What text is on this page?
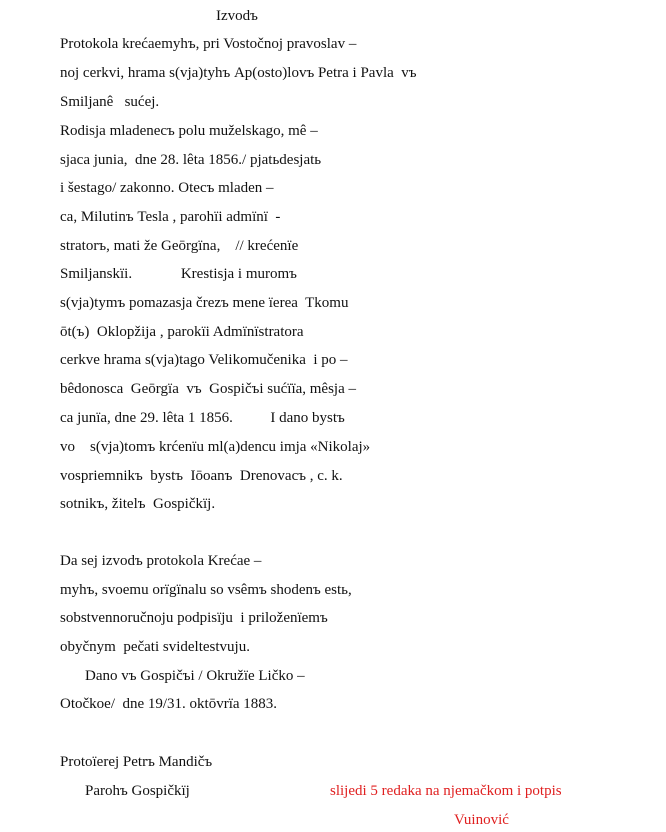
Izvodъ
Protokola krećaemyhъ, pri Vostočnoj pravoslav –
noj cerkvi, hrama s(vja)tyhъ Ap(osto)lovъ Petra i Pavla  vъ
Smiljanê   sućej.
Rodisja mladenecъ polu muželskago, mê –
sjaca junia,  dne 28. lêta 1856./ pjatьdesjatь
i šestago/ zakonno. Otecъ mladen –
ca, Milutinъ Tesla , parohїi admїnї  -
stratorъ, mati že Geōrgїna,    // krećenїe
Smiljanskїi.             Krestisja i muromъ
s(vja)tymъ pomazasja črezъ mene ïerea  Tkomu
ōt(ъ)  Oklopžija , parokїi Admїnїstratora
cerkve hrama s(vja)tago Velikomučenika  i po –
bêdonosca  Geōrgїa  vъ  Gospičъi sućїїa, mêsja –
ca junїa, dne 29. lêta 1 1856.          I dano bystъ
vo    s(vja)tomъ krćenїu ml(a)dencu imja «Nikolaj»
vospriemnikъ  bystъ  Iōoanъ  Drenovacъ , c. k.
sotnikъ, žitelъ  Gospičkїj.
Da sej izvodъ protokola Krećae –
myhъ, svoemu orїgїnalu so vsêmъ shodenъ estь,
sobstvennoručnoju podpisїju  i priloženїemъ
obyčnym  pečati svideltestvuju.
Dano vъ Gospičъi / Okružїe Ličko –
Otočkoe/  dne 19/31. oktōvrїa 1883.
Protoïerej Petrъ Mandičъ
Parohъ Gospičkїj	slijedi 5 redaka na njemačkom i potpis
Vuinović
